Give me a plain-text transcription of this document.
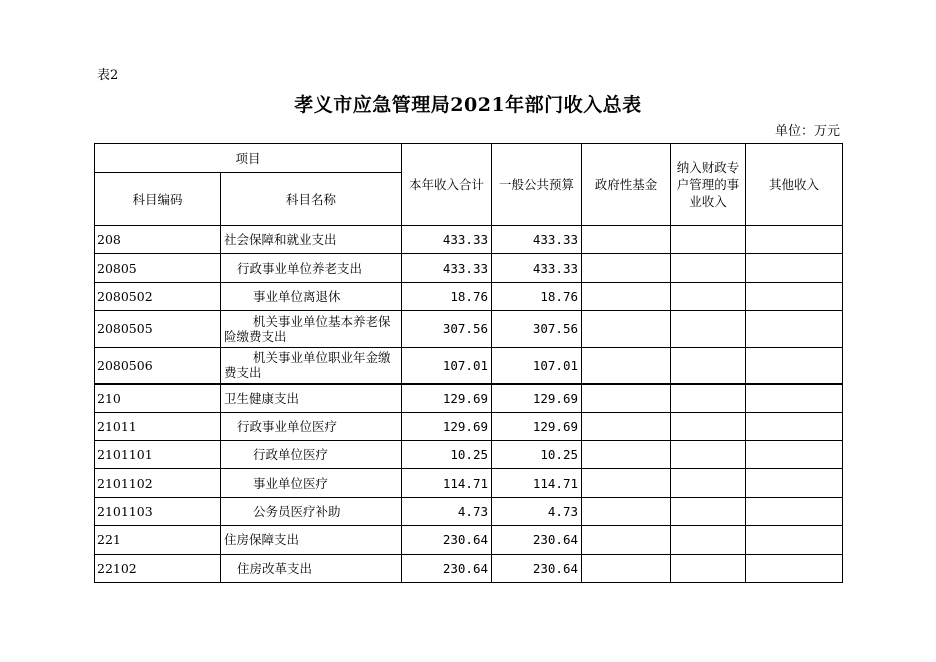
表2
孝义市应急管理局2021年部门收入总表
单位：万元
项目		本年收入合计	一般公共预算	政府性基金	纳入财政专户管理的事业收入	其他收入
科目编码	科目名称					
208	社会保障和就业支出	433.33	433.33			
20805	行政事业单位养老支出	433.33	433.33			
2080502	事业单位离退休	18.76	18.76			
2080505	机关事业单位基本养老保险缴费支出	307.56	307.56			
2080506	机关事业单位职业年金缴费支出	107.01	107.01			
210	卫生健康支出	129.69	129.69			
21011	行政事业单位医疗	129.69	129.69			
2101101	行政单位医疗	10.25	10.25			
2101102	事业单位医疗	114.71	114.71			
2101103	公务员医疗补助	4.73	4.73			
221	住房保障支出	230.64	230.64			
22102	住房改革支出	230.64	230.64			
